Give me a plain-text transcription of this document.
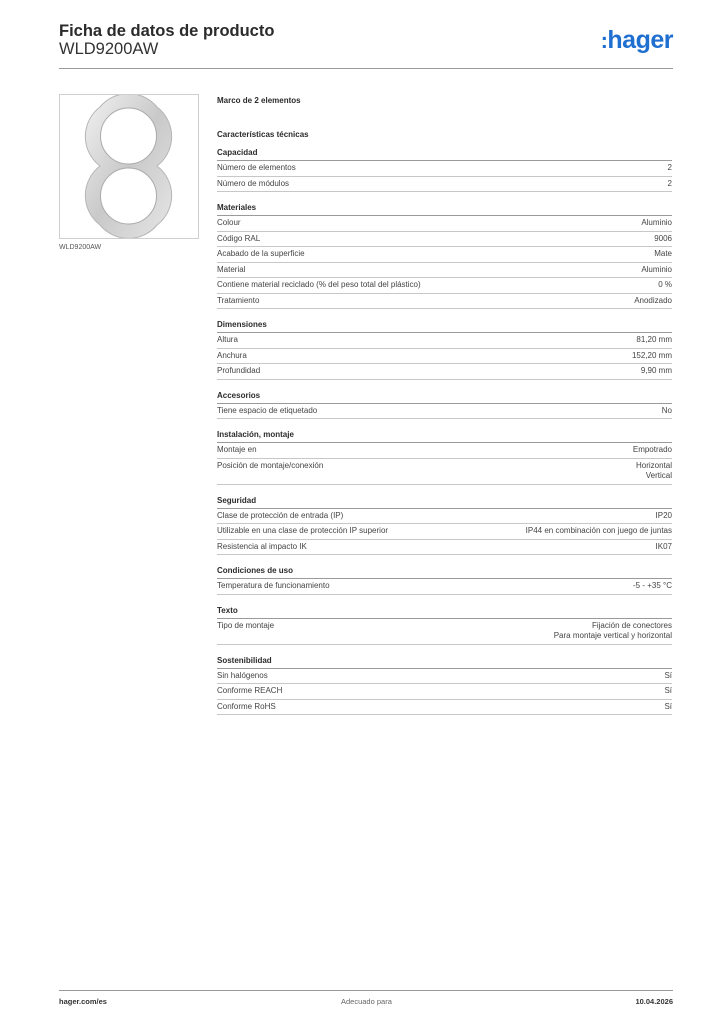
Ficha de datos de producto
WLD9200AW	:hager
WLD9200AW
Marco de 2 elementos
Características técnicas
Capacidad
Número de elementos	2
Número de módulos	2
Materiales
Colour	Aluminio
Código RAL	9006
Acabado de la superficie	Mate
Material	Aluminio
Contiene material reciclado (% del peso total del plástico)	0 %
Tratamiento	Anodizado
Dimensiones
Altura	81,20 mm
Anchura	152,20 mm
Profundidad	9,90 mm
Accesorios
Tiene espacio de etiquetado	No
Instalación, montaje
Montaje en	Empotrado
Posición de montaje/conexión	Horizontal
Vertical
Seguridad
Clase de protección de entrada (IP)	IP20
Utilizable en una clase de protección IP superior	IP44 en combinación con juego de juntas
Resistencia al impacto IK	IK07
Condiciones de uso
Temperatura de funcionamiento	-5 - +35 °C
Texto
Tipo de montaje	Fijación de conectores
Para montaje vertical y horizontal
Sostenibilidad
Sin halógenos	Sí
Conforme REACH	Sí
Conforme RoHS	Sí
hager.com/es	Adecuado para	10.04.2026
